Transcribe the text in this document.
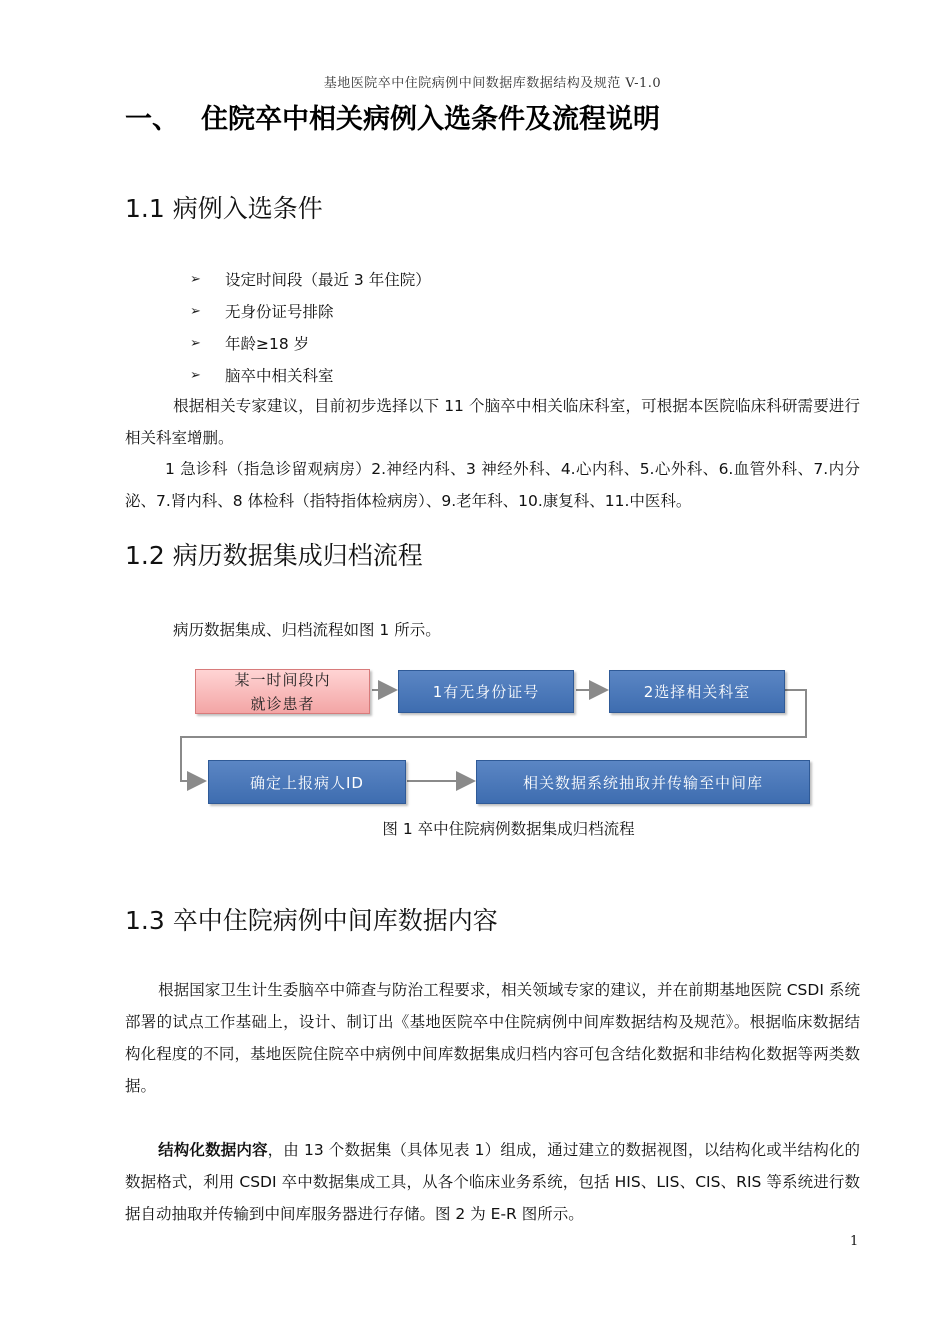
基地医院卒中住院病例中间数据库数据结构及规范 V-1.0
一、 住院卒中相关病例入选条件及流程说明
1.1 病例入选条件
➢	设定时间段（最近 3 年住院）
➢	无身份证号排除
➢	年龄≥18 岁
➢	脑卒中相关科室
根据相关专家建议，目前初步选择以下 11 个脑卒中相关临床科室，可根据本医院临床科研需要进行相关科室增删。
1 急诊科（指急诊留观病房）2.神经内科、3 神经外科、4.心内科、5.心外科、6.血管外科、7.内分泌、7.肾内科、8 体检科（指特指体检病房）、9.老年科、10.康复科、11.中医科。
1.2 病历数据集成归档流程
病历数据集成、归档流程如图 1 所示。
某一时间段内
就诊患者
1有无身份证号	2选择相关科室
确定上报病人ID	相关数据系统抽取并传输至中间库
图 1 卒中住院病例数据集成归档流程
1.3 卒中住院病例中间库数据内容
根据国家卫生计生委脑卒中筛查与防治工程要求，相关领域专家的建议，并在前期基地医院 CSDI 系统部署的试点工作基础上，设计、制订出《基地医院卒中住院病例中间库数据结构及规范》。根据临床数据结构化程度的不同，基地医院住院卒中病例中间库数据集成归档内容可包含结化数据和非结构化数据等两类数据。
结构化数据内容，由 13 个数据集（具体见表 1）组成，通过建立的数据视图，以结构化或半结构化的数据格式，利用 CSDI 卒中数据集成工具，从各个临床业务系统，包括 HIS、LIS、CIS、RIS 等系统进行数据自动抽取并传输到中间库服务器进行存储。图 2 为 E-R 图所示。
1
